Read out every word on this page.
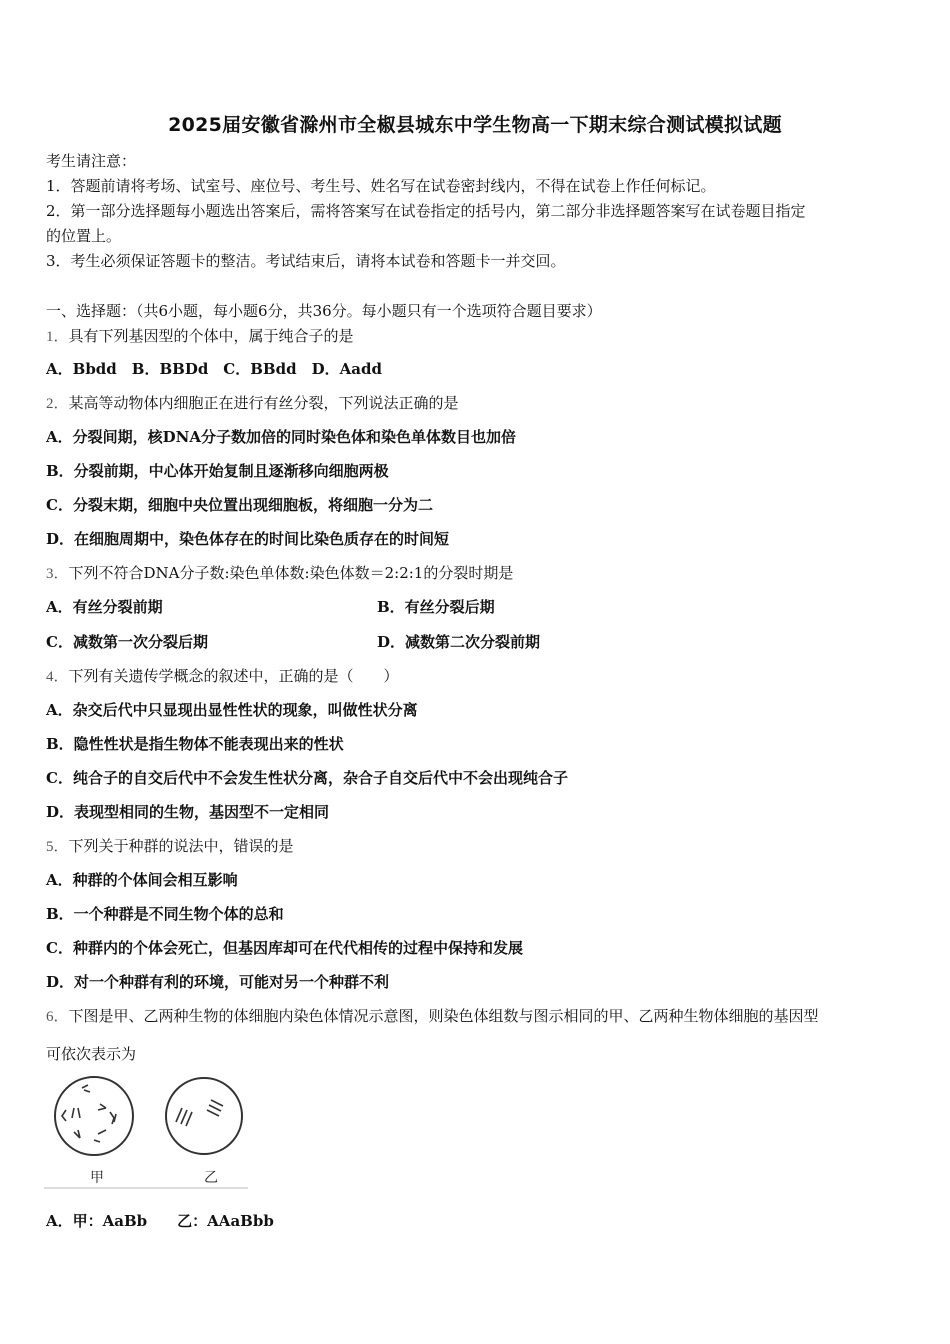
2025届安徽省滁州市全椒县城东中学生物高一下期末综合测试模拟试题
考生请注意：
1．答题前请将考场、试室号、座位号、考生号、姓名写在试卷密封线内，不得在试卷上作任何标记。
2．第一部分选择题每小题选出答案后，需将答案写在试卷指定的括号内，第二部分非选择题答案写在试卷题目指定
的位置上。
3．考生必须保证答题卡的整洁。考试结束后，请将本试卷和答题卡一并交回。
一、选择题：（共6小题，每小题6分，共36分。每小题只有一个选项符合题目要求）
1．具有下列基因型的个体中，属于纯合子的是
A．Bbdd　B．BBDd　C．BBdd　D．Aadd
2．某高等动物体内细胞正在进行有丝分裂，下列说法正确的是
A．分裂间期，核DNA分子数加倍的同时染色体和染色单体数目也加倍
B．分裂前期，中心体开始复制且逐渐移向细胞两极
C．分裂末期，细胞中央位置出现细胞板，将细胞一分为二
D．在细胞周期中，染色体存在的时间比染色质存在的时间短
3．下列不符合DNA分子数:染色单体数:染色体数＝2:2:1的分裂时期是
A．有丝分裂前期	B．有丝分裂后期
C．减数第一次分裂后期	D．减数第二次分裂前期
4．下列有关遗传学概念的叙述中，正确的是（　　）
A．杂交后代中只显现出显性性状的现象，叫做性状分离
B．隐性性状是指生物体不能表现出来的性状
C．纯合子的自交后代中不会发生性状分离，杂合子自交后代中不会出现纯合子
D．表现型相同的生物，基因型不一定相同
5．下列关于种群的说法中，错误的是
A．种群的个体间会相互影响
B．一个种群是不同生物个体的总和
C．种群内的个体会死亡，但基因库却可在代代相传的过程中保持和发展
D．对一个种群有利的环境，可能对另一个种群不利
6．下图是甲、乙两种生物的体细胞内染色体情况示意图，则染色体组数与图示相同的甲、乙两种生物体细胞的基因型
可依次表示为
甲	乙
A．甲：AaBb　　乙：AAaBbb
